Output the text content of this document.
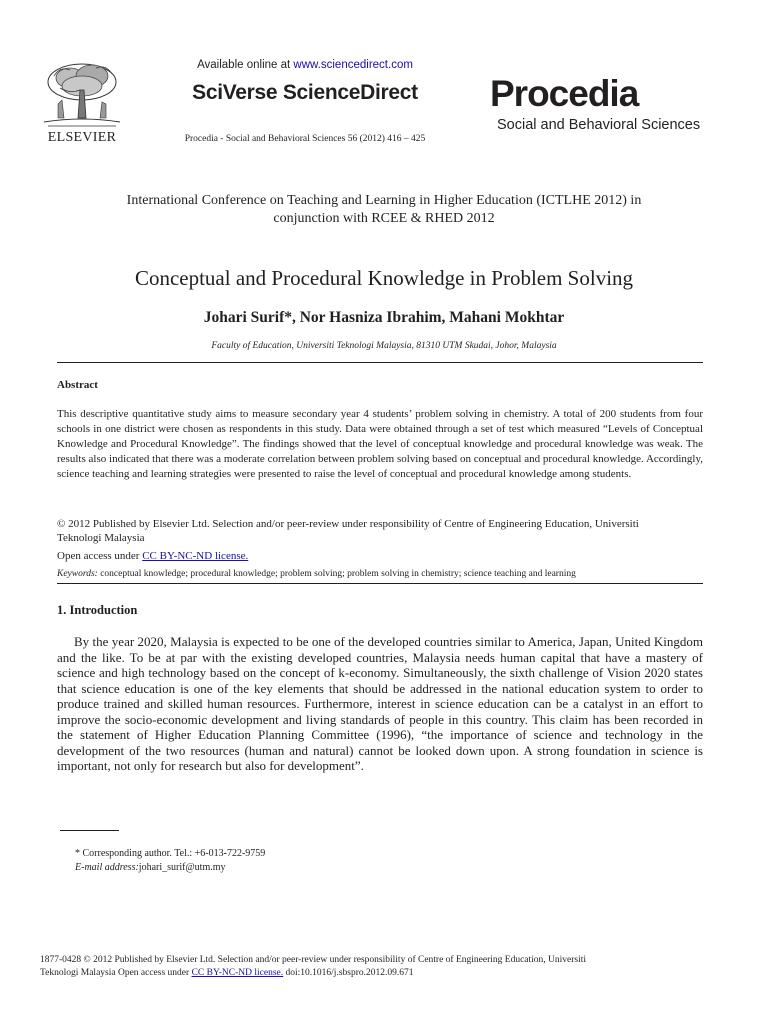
ELSEVIER
Available online at www.sciencedirect.com
SciVerse ScienceDirect
Procedia - Social and Behavioral Sciences 56 (2012) 416 – 425
Procedia
Social and Behavioral Sciences
International Conference on Teaching and Learning in Higher Education (ICTLHE 2012) in
conjunction with RCEE & RHED 2012
Conceptual and Procedural Knowledge in Problem Solving
Johari Surif*, Nor Hasniza Ibrahim, Mahani Mokhtar
Faculty of Education, Universiti Teknologi Malaysia, 81310 UTM Skudai, Johor, Malaysia
Abstract
This descriptive quantitative study aims to measure secondary year 4 students’ problem solving in chemistry. A total of 200 students from four schools in one district were chosen as respondents in this study. Data were obtained through a set of test which measured “Levels of Conceptual Knowledge and Procedural Knowledge”. The findings showed that the level of conceptual knowledge and procedural knowledge was weak. The results also indicated that there was a moderate correlation between problem solving based on conceptual and procedural knowledge. Accordingly, science teaching and learning strategies were presented to raise the level of conceptual and procedural knowledge among students.
© 2012 Published by Elsevier Ltd. Selection and/or peer-review under responsibility of Centre of Engineering Education, Universiti Teknologi Malaysia
Open access under CC BY-NC-ND license.
Keywords: conceptual knowledge; procedural knowledge; problem solving; problem solving in chemistry; science teaching and learning
1. Introduction
By the year 2020, Malaysia is expected to be one of the developed countries similar to America, Japan, United Kingdom and the like. To be at par with the existing developed countries, Malaysia needs human capital that have a mastery of science and high technology based on the concept of k-economy. Simultaneously, the sixth challenge of Vision 2020 states that science education is one of the key elements that should be addressed in the national education system to order to produce trained and skilled human resources. Furthermore, interest in science education can be a catalyst in an effort to improve the socio-economic development and living standards of people in this country. This claim has been recorded in the statement of Higher Education Planning Committee (1996), “the importance of science and technology in the development of the two resources (human and natural) cannot be looked down upon. A strong foundation in science is important, not only for research but also for development”.
* Corresponding author. Tel.: +6-013-722-9759
E-mail address:johari_surif@utm.my
1877-0428 © 2012 Published by Elsevier Ltd. Selection and/or peer-review under responsibility of Centre of Engineering Education, Universiti
Teknologi Malaysia Open access under CC BY-NC-ND license. doi:10.1016/j.sbspro.2012.09.671
